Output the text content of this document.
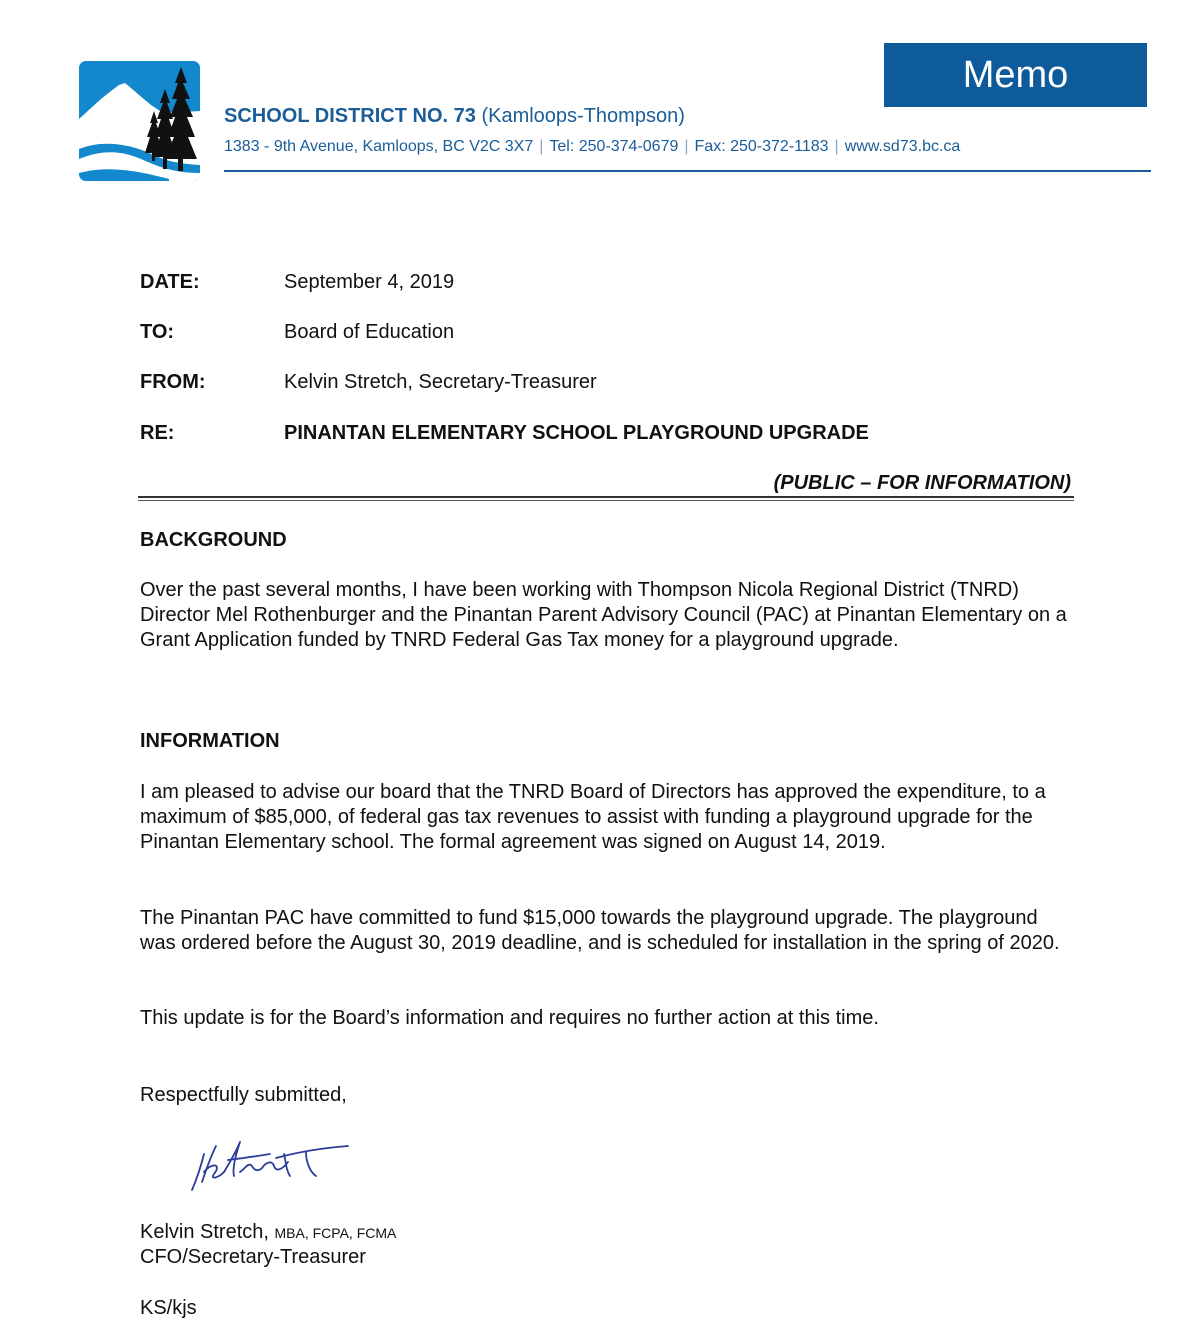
Memo
SCHOOL DISTRICT NO. 73 (Kamloops-Thompson)
1383 - 9th Avenue, Kamloops, BC V2C 3X7 | Tel: 250-374-0679 | Fax: 250-372-1183 | www.sd73.bc.ca
DATE:	September 4, 2019
TO:	Board of Education
FROM:	Kelvin Stretch, Secretary-Treasurer
RE:	PINANTAN ELEMENTARY SCHOOL PLAYGROUND UPGRADE
(PUBLIC – FOR INFORMATION)
BACKGROUND
Over the past several months, I have been working with Thompson Nicola Regional District (TNRD) Director Mel Rothenburger and the Pinantan Parent Advisory Council (PAC) at Pinantan Elementary on a Grant Application funded by TNRD Federal Gas Tax money for a playground upgrade.
INFORMATION
I am pleased to advise our board that the TNRD Board of Directors has approved the expenditure, to a maximum of $85,000, of federal gas tax revenues to assist with funding a playground upgrade for the Pinantan Elementary school. The formal agreement was signed on August 14, 2019.
The Pinantan PAC have committed to fund $15,000 towards the playground upgrade. The playground was ordered before the August 30, 2019 deadline, and is scheduled for installation in the spring of 2020.
This update is for the Board’s information and requires no further action at this time.
Respectfully submitted,
Kelvin Stretch, MBA, FCPA, FCMA
CFO/Secretary-Treasurer
KS/kjs
